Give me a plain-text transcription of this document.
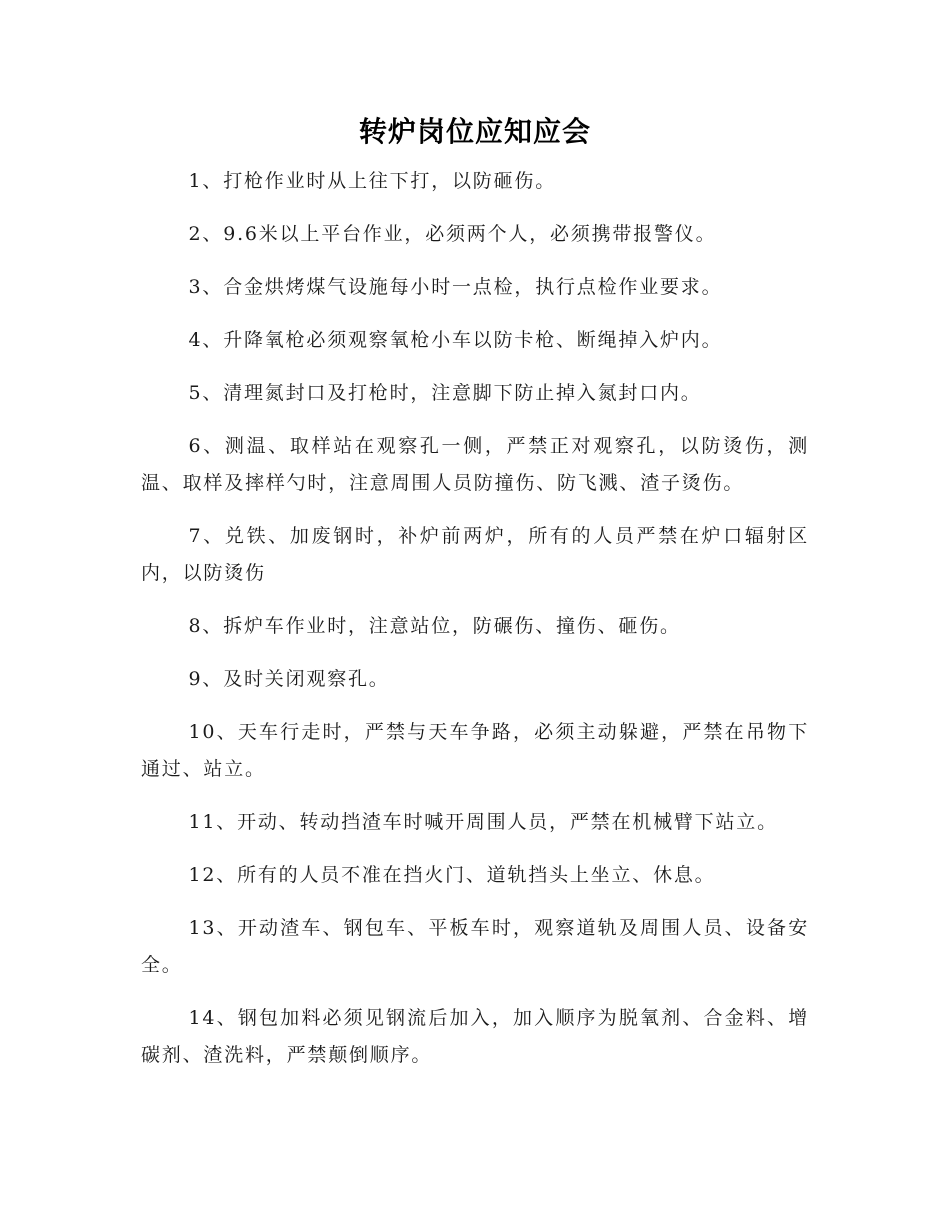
转炉岗位应知应会

1、打枪作业时从上往下打，以防砸伤。

2、9.6米以上平台作业，必须两个人，必须携带报警仪。

3、合金烘烤煤气设施每小时一点检，执行点检作业要求。

4、升降氧枪必须观察氧枪小车以防卡枪、断绳掉入炉内。

5、清理氮封口及打枪时，注意脚下防止掉入氮封口内。

6、测温、取样站在观察孔一侧，严禁正对观察孔，以防烫伤，测温、取样及摔样勺时，注意周围人员防撞伤、防飞溅、渣子烫伤。

7、兑铁、加废钢时，补炉前两炉，所有的人员严禁在炉口辐射区内，以防烫伤

8、拆炉车作业时，注意站位，防碾伤、撞伤、砸伤。

9、及时关闭观察孔。

10、天车行走时，严禁与天车争路，必须主动躲避，严禁在吊物下通过、站立。

11、开动、转动挡渣车时喊开周围人员，严禁在机械臂下站立。

12、所有的人员不准在挡火门、道轨挡头上坐立、休息。

13、开动渣车、钢包车、平板车时，观察道轨及周围人员、设备安全。

14、钢包加料必须见钢流后加入，加入顺序为脱氧剂、合金料、增碳剂、渣洗料，严禁颠倒顺序。
